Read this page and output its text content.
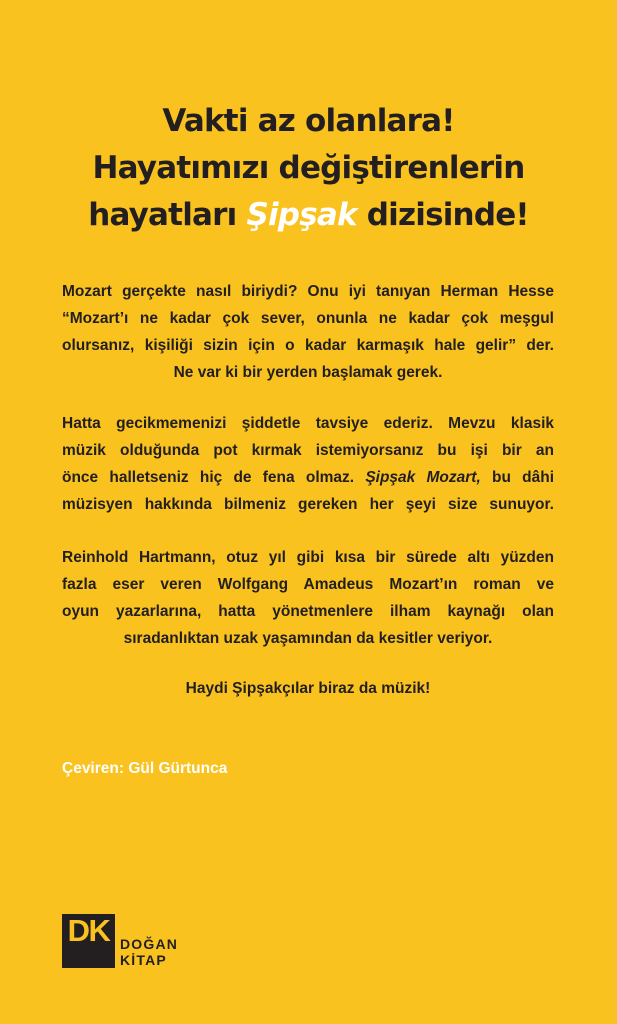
Vakti az olanlara!
Hayatımızı değiştirenlerin
hayatları Şipşak dizisinde!
Mozart gerçekte nasıl biriydi? Onu iyi tanıyan Herman Hesse
“Mozart’ı ne kadar çok sever, onunla ne kadar çok meşgul
olursanız, kişiliği sizin için o kadar karmaşık hale gelir” der.
Ne var ki bir yerden başlamak gerek.
Hatta gecikmemenizi şiddetle tavsiye ederiz. Mevzu klasik
müzik olduğunda pot kırmak istemiyorsanız bu işi bir an
önce halletseniz hiç de fena olmaz. Şipşak Mozart, bu dâhi
müzisyen hakkında bilmeniz gereken her şeyi size sunuyor.
Reinhold Hartmann, otuz yıl gibi kısa bir sürede altı yüzden
fazla eser veren Wolfgang Amadeus Mozart’ın roman ve
oyun yazarlarına, hatta yönetmenlere ilham kaynağı olan
sıradanlıktan uzak yaşamından da kesitler veriyor.
Haydi Şipşakçılar biraz da müzik!
Çeviren: Gül Gürtunca
DK DOĞAN
KİTAP
